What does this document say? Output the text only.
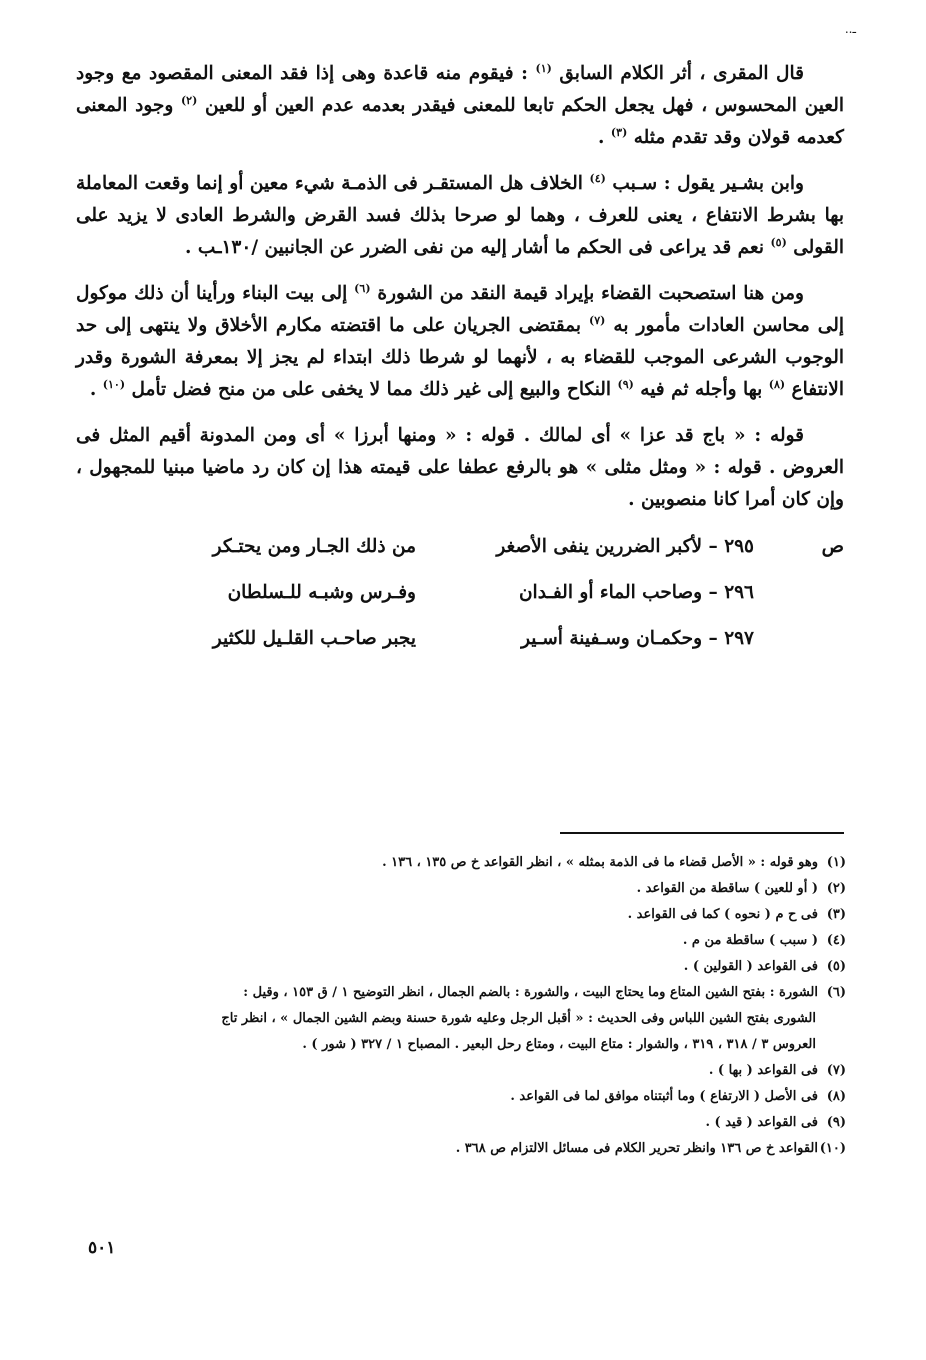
ـ..

قال المقرى ، أثر الكلام السابق $^{(١)}$ : فيقوم منه قاعدة وهى إذا فقد المعنى المقصود مع وجود العين المحسوس ، فهل يجعل الحكم تابعا للمعنى فيقدر بعدمه عدم العين أو للعين $^{(٢)}$ وجود المعنى كعدمه قولان وقد تقدم مثله $^{(٣)}$ .

وابن بشـير يقول : سـبب $^{(٤)}$ الخلاف هل المستقـر فى الذمـة شيء معين أو إنما وقعت المعاملة بها بشرط الانتفاع ، يعنى للعرف ، وهما لو صرحا بذلك فسد القرض والشرط العادى لا يزيد على القولى $^{(٥)}$ نعم قد يراعى فى الحكم ما أشار إليه من نفى الضرر عن الجانبين /١٣٠ـب .

ومن هنا استصحبت القضاء بإيراد قيمة النقد من الشورة $^{(٦)}$ إلى بيت البناء ورأينا أن ذلك موكول إلى محاسن العادات مأمور به $^{(٧)}$ بمقتضى الجريان على ما اقتضته مكارم الأخلاق ولا ينتهى إلى حد الوجوب الشرعى الموجب للقضاء به ، لأنهما لو شرطا ذلك ابتداء لم يجز إلا بمعرفة الشورة وقدر الانتفاع $^{(٨)}$ بها وأجله ثم فيه $^{(٩)}$ النكاح والبيع إلى غير ذلك مما لا يخفى على من منح فضل تأمل $^{(١٠)}$ .

قوله : « باج قد عزا » أى لمالك . قوله : « ومنها أبرزا » أى ومن المدونة أقيم المثل فى العروض . قوله : « ومثل مثلى » هو بالرفع عطفا على قيمته هذا إن كان رد ماضيا مبنيا للمجهول ، وإن كان أمرا كانا منصوبين .

ص
٢٩٥ – لأكبر الضررين ينفى الأصغر
من ذلك الجـار ومن يحتـكر
٢٩٦ – وصاحب الماء أو الفـدان
وفـرس وشبـه للـسلطان
٢٩٧ – وحكمـان وسـفينة أسـير
يجبر صاحـب القلـيل للكثير

(١)وهو قوله : « الأصل قضاء ما فى الذمة بمثله » ، انظر القواعد خ ص ١٣٥ ، ١٣٦ .

(٢)( أو للعين ) ساقطة من القواعد .

(٣)فى ح م ( نحوه ) كما فى القواعد .

(٤)( سبب ) ساقطة من م .

(٥)فى القواعد ( القولين ) .

(٦)الشورة : بفتح الشين المتاع وما يحتاج البيت ، والشورة : بالضم الجمال ، انظر التوضيح ١ / ق ١٥٣ ، وقيل :

الشورى بفتح الشين اللباس وفى الحديث : « أقبل الرجل وعليه شورة حسنة وبضم الشين الجمال » ، انظر تاج

العروس ٣ / ٣١٨ ، ٣١٩ ، والشوار : متاع البيت ، ومتاع رحل البعير . المصباح ١ / ٣٢٧ ( شور ) .

(٧)فى القواعد ( بها ) .

(٨)فى الأصل ( الارتفاع ) وما أثبتناه موافق لما فى القواعد .

(٩)فى القواعد ( قيد ) .

(١٠)القواعد خ ص ١٣٦ وانظر تحرير الكلام فى مسائل الالتزام ص ٣٦٨ .

٥٠١
